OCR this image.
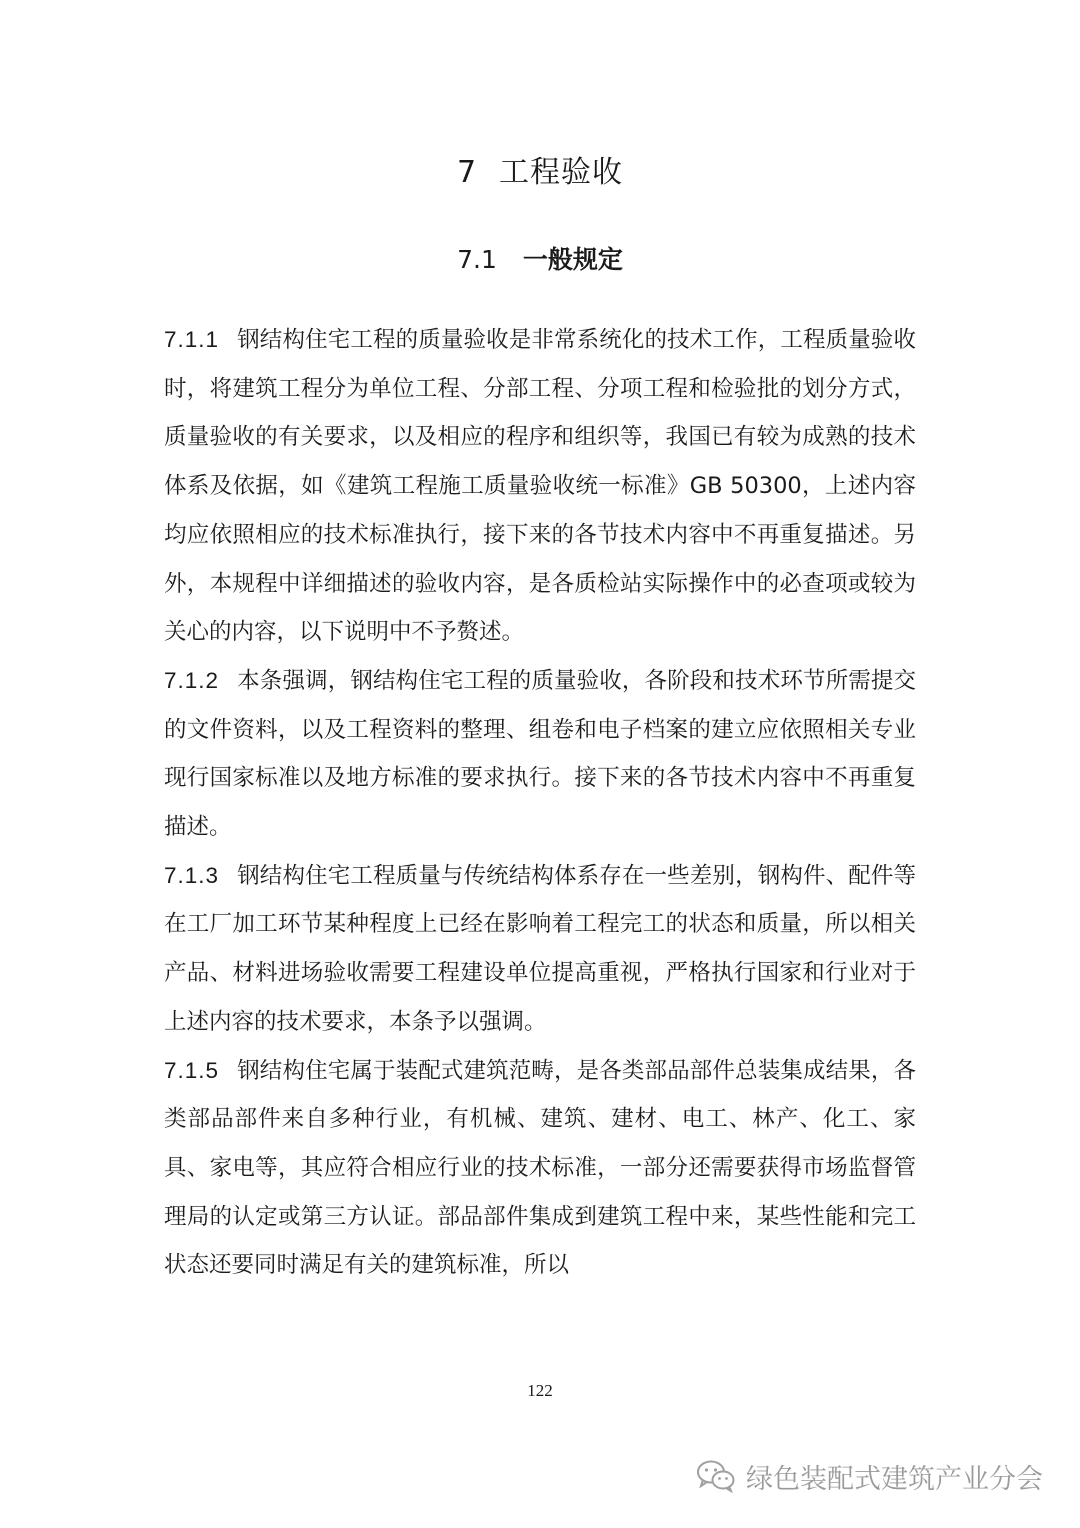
7 工程验收
7.1 一般规定

7.1.1 钢结构住宅工程的质量验收是非常系统化的技术工作，工程质量验收时，将建筑工程分为单位工程、分部工程、分项工程和检验批的划分方式，质量验收的有关要求，以及相应的程序和组织等，我国已有较为成熟的技术体系及依据，如《建筑工程施工质量验收统一标准》GB 50300，上述内容均应依照相应的技术标准执行，接下来的各节技术内容中不再重复描述。另外，本规程中详细描述的验收内容，是各质检站实际操作中的必查项或较为关心的内容，以下说明中不予赘述。

7.1.2 本条强调，钢结构住宅工程的质量验收，各阶段和技术环节所需提交的文件资料，以及工程资料的整理、组卷和电子档案的建立应依照相关专业现行国家标准以及地方标准的要求执行。接下来的各节技术内容中不再重复描述。

7.1.3 钢结构住宅工程质量与传统结构体系存在一些差别，钢构件、配件等在工厂加工环节某种程度上已经在影响着工程完工的状态和质量，所以相关产品、材料进场验收需要工程建设单位提高重视，严格执行国家和行业对于上述内容的技术要求，本条予以强调。

7.1.5 钢结构住宅属于装配式建筑范畴，是各类部品部件总装集成结果，各类部品部件来自多种行业，有机械、建筑、建材、电工、林产、化工、家具、家电等，其应符合相应行业的技术标准，一部分还需要获得市场监督管理局的认定或第三方认证。部品部件集成到建筑工程中来，某些性能和完工状态还要同时满足有关的建筑标准，所以

122
绿色装配式建筑产业分会
